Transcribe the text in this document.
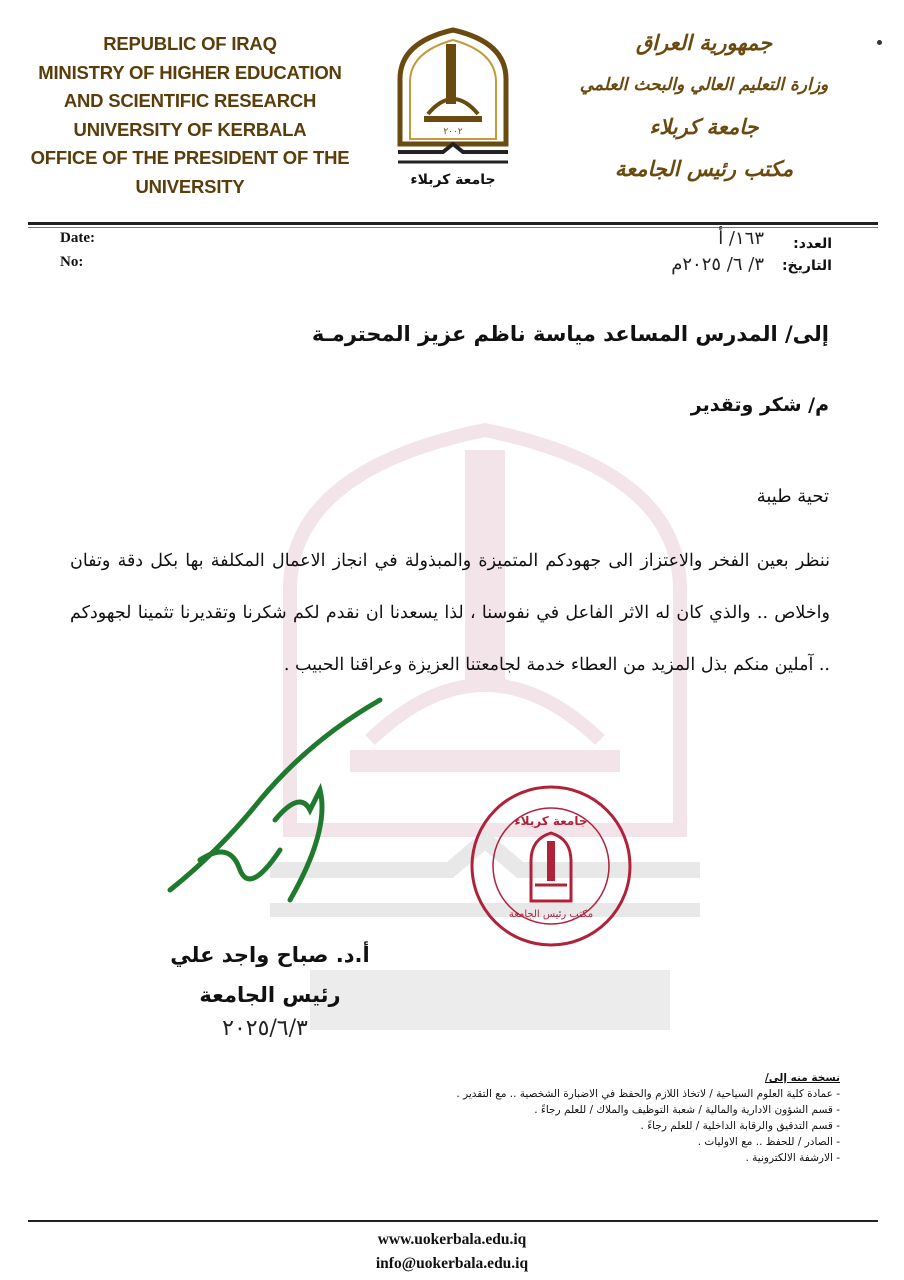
REPUBLIC OF IRAQ
MINISTRY OF HIGHER EDUCATION
AND SCIENTIFIC RESEARCH
UNIVERSITY OF KERBALA
OFFICE OF THE PRESIDENT OF THE
UNIVERSITY
٢٠٠٢
جامعة كربلاء
جمهورية العراق
وزارة التعليم العالي والبحث العلمي
جامعة كربلاء
مكتب رئيس الجامعة
Date:
No:
العدد:
التاريخ:
١٦٣/ أ
٣/ ٦/ ٢٠٢٥م
إلى/ المدرس المساعد مياسة ناظم عزيز المحترمـة
م/ شكر وتقدير
تحية طيبة
ننظر بعين الفخر والاعتزاز الى جهودكم المتميزة والمبذولة في انجاز الاعمال المكلفة بها بكل دقة وتفان واخلاص .. والذي كان له الاثر الفاعل في نفوسنا ، لذا يسعدنا ان نقدم لكم شكرنا وتقديرنا تثمينا لجهودكم .. آملين منكم بذل المزيد من العطاء خدمة لجامعتنا العزيزة وعراقنا الحبيب .
جامعة كربلاء
مكتب رئيس الجامعة
أ.د. صباح واجد علي
رئيس الجامعة
٢٠٢٥/٦/٣
نسخة منه إلى/
- عمادة كلية العلوم السياحية / لاتخاذ اللازم والحفظ في الاضبارة الشخصية .. مع التقدير .
- قسم الشؤون الادارية والمالية / شعبة التوظيف والملاك / للعلم رجاءً .
- قسم التدقيق والرقابة الداخلية / للعلم رجاءً .
- الصادر / للحفظ .. مع الاوليات .
- الارشفة الالكترونية .
www.uokerbala.edu.iq
info@uokerbala.edu.iq
